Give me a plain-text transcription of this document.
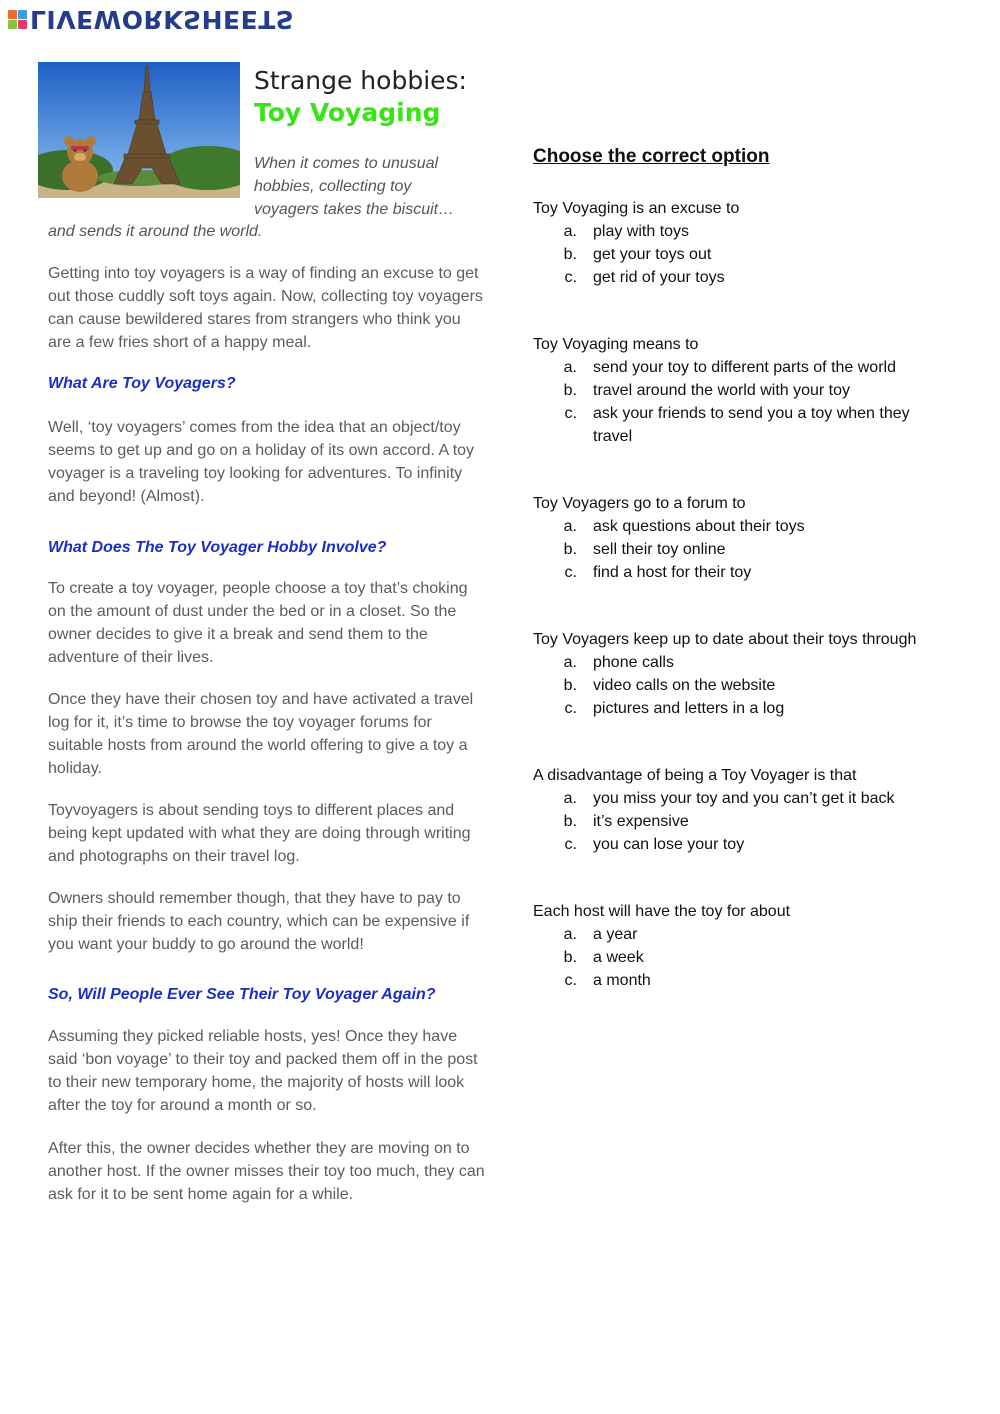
LIVEWORKSHEETS
Strange hobbies:
Toy Voyaging

When it comes to unusual

hobbies, collecting toy

voyagers takes the biscuit…

and sends it around the world.

Getting into toy voyagers is a way of finding an excuse to get out those cuddly soft toys again. Now, collecting toy voyagers can cause bewildered stares from strangers who think you are a few fries short of a happy meal.

What Are Toy Voyagers?

Well, ‘toy voyagers’ comes from the idea that an object/toy seems to get up and go on a holiday of its own accord. A toy voyager is a traveling toy looking for adventures. To infinity and beyond! (Almost).

What Does The Toy Voyager Hobby Involve?

To create a toy voyager, people choose a toy that’s choking on the amount of dust under the bed or in a closet. So the owner decides to give it a break and send them to the adventure of their lives.

Once they have their chosen toy and have activated a travel log for it, it’s time to browse the toy voyager forums for suitable hosts from around the world offering to give a toy a holiday.

Toyvoyagers is about sending toys to different places and being kept updated with what they are doing through writing and photographs on their travel log.

Owners should remember though, that they have to pay to ship their friends to each country, which can be expensive if you want your buddy to go around the world!

So, Will People Ever See Their Toy Voyager Again?

Assuming they picked reliable hosts, yes! Once they have said ‘bon voyage’ to their toy and packed them off in the post to their new temporary home, the majority of hosts will look after the toy for around a month or so.

After this, the owner decides whether they are moving on to another host. If the owner misses their toy too much, they can ask for it to be sent home again for a while.

Choose the correct option

Toy Voyaging is an excuse to

a.	play with toys
b.	get your toys out
c.	get rid of your toys

Toy Voyaging means to

a.	send your toy to different parts of the world
b.	travel around the world with your toy
c.	ask your friends to send you a toy when they travel

Toy Voyagers go to a forum to

a.	ask questions about their toys
b.	sell their toy online
c.	find a host for their toy

Toy Voyagers keep up to date about their toys through

a.	phone calls
b.	video calls on the website
c.	pictures and letters in a log

A disadvantage of being a Toy Voyager is that

a.	you miss your toy and you can’t get it back
b.	it’s expensive
c.	you can lose your toy

Each host will have the toy for about

a.	a year
b.	a week
c.	a month
